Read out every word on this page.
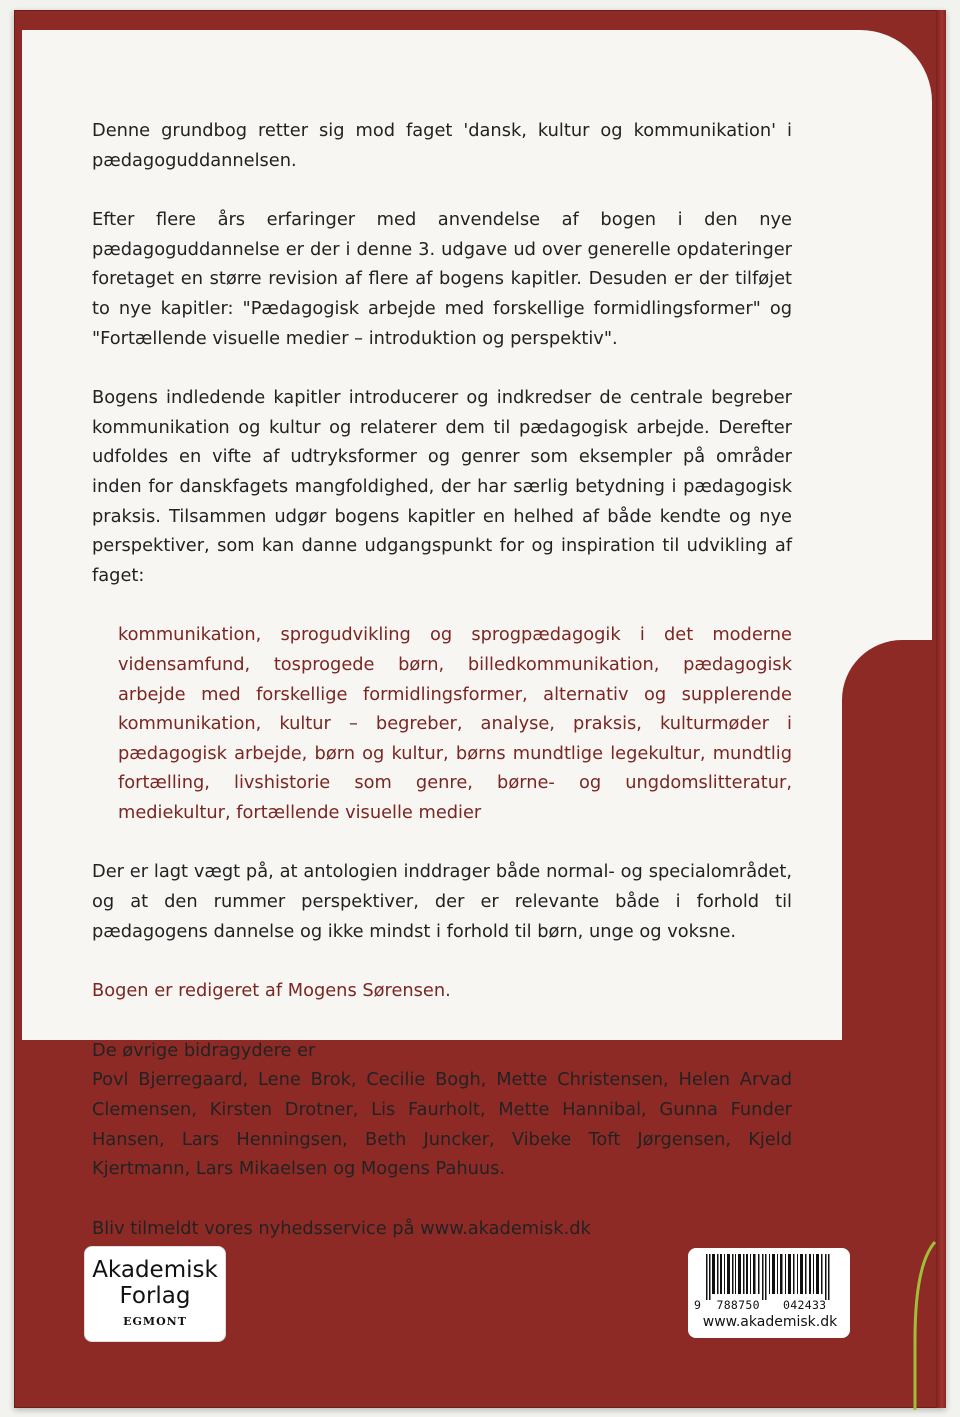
Denne grundbog retter sig mod faget 'dansk, kultur og kommunikation' i pædagoguddannelsen.

Efter flere års erfaringer med anvendelse af bogen i den nye pædagoguddannelse er der i denne 3. udgave ud over generelle opdateringer foretaget en større revision af flere af bogens kapitler. Desuden er der tilføjet to nye kapitler: "Pædagogisk arbejde med forskellige formidlingsformer" og "Fortællende visuelle medier – introduktion og perspektiv".

Bogens indledende kapitler introducerer og indkredser de centrale begreber kommunikation og kultur og relaterer dem til pædagogisk arbejde. Derefter udfoldes en vifte af udtryksformer og genrer som eksempler på områder inden for danskfagets mangfoldighed, der har særlig betydning i pædagogisk praksis. Tilsammen udgør bogens kapitler en helhed af både kendte og nye perspektiver, som kan danne udgangspunkt for og inspiration til udvikling af faget:

kommunikation, sprogudvikling og sprogpædagogik i det moderne vidensamfund, tosprogede børn, billedkommunikation, pædagogisk arbejde med forskellige formidlingsformer, alternativ og supplerende kommunikation, kultur – begreber, analyse, praksis, kulturmøder i pædagogisk arbejde, børn og kultur, børns mundtlige legekultur, mundtlig fortælling, livshistorie som genre, børne- og ungdomslitteratur, mediekultur, fortællende visuelle medier

Der er lagt vægt på, at antologien inddrager både normal- og specialområdet, og at den rummer perspektiver, der er relevante både i forhold til pædagogens dannelse og ikke mindst i forhold til børn, unge og voksne.

Bogen er redigeret af Mogens Sørensen.

De øvrige bidragydere er

Povl Bjerregaard, Lene Brok, Cecilie Bogh, Mette Christensen, Helen Arvad Clemensen, Kirsten Drotner, Lis Faurholt, Mette Hannibal, Gunna Funder Hansen, Lars Henningsen, Beth Juncker, Vibeke Toft Jørgensen, Kjeld Kjertmann, Lars Mikaelsen og Mogens Pahuus.

Bliv tilmeldt vores nyhedsservice på www.akademisk.dk

Akademisk
Forlag
EGMONT
9 788750 042433
www.akademisk.dk
